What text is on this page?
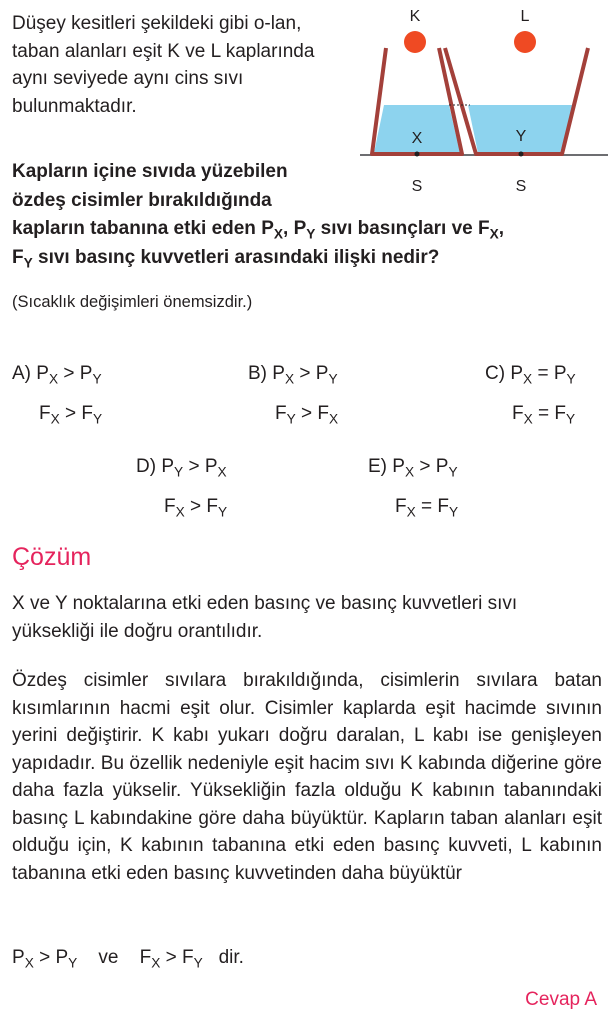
Düşey kesitleri şekildeki gibi o-lan, taban alanları eşit K ve L kaplarında aynı seviyede aynı cins sıvı bulunmaktadır.
K	L
X	Y
S	S
Kapların içine sıvıda yüzebilen
özdeş cisimler bırakıldığında
kapların tabanına etki eden $P_X$, $P_Y$ sıvı basınçları ve $F_X$,
$F_Y$ sıvı basınç kuvvetleri arasındaki ilişki nedir?
(Sıcaklık değişimleri önemsizdir.)
A) $P_X > P_Y$
$F_X > F_Y$
B) $P_X > P_Y$
$F_Y > F_X$
C) $P_X = P_Y$
$F_X = F_Y$
D) $P_Y > P_X$
$F_X > F_Y$
E) $P_X > P_Y$
$F_X = F_Y$
Çözüm
X ve Y noktalarına etki eden basınç ve basınç kuvvetleri sıvı yüksekliği ile doğru orantılıdır.
Özdeş cisimler sıvılara bırakıldığında, cisimlerin sıvılara batan kısımlarının hacmi eşit olur. Cisimler kaplarda eşit hacimde sıvının yerini değiştirir. K kabı yukarı doğru daralan, L kabı ise genişleyen yapıdadır. Bu özellik nedeniyle eşit hacim sıvı K kabında diğerine göre daha fazla yükselir. Yüksekliğin fazla olduğu K kabının tabanındaki basınç L kabındakine göre daha büyüktür. Kapların taban alanları eşit olduğu için, K kabının tabanına etki eden basınç kuvveti, L kabının tabanına etki eden basınç kuvvetinden daha büyüktür
$P_X > P_Y$ ve $F_X > F_Y$ dir.
Cevap A
